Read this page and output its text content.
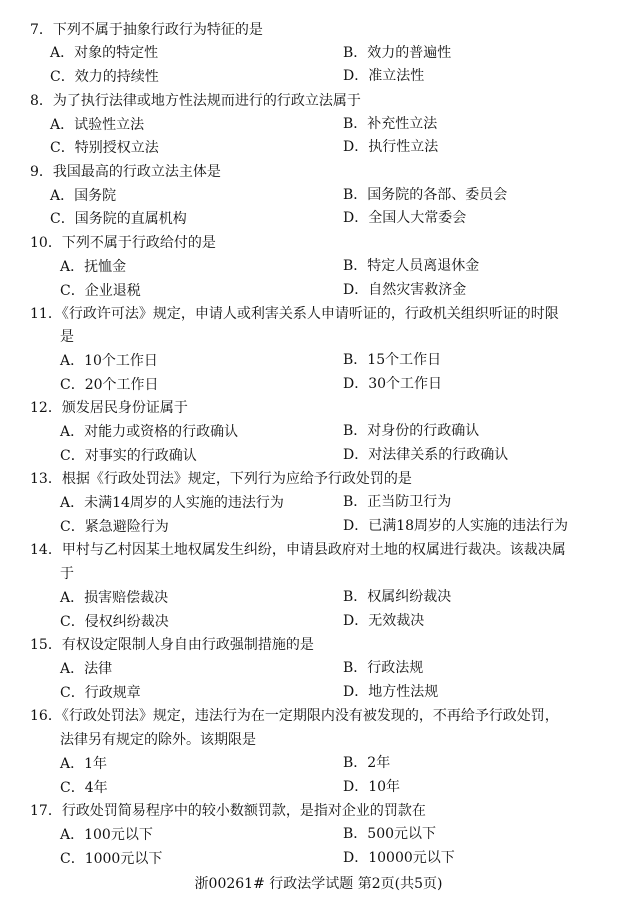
7．下列不属于抽象行政行为特征的是
A．对象的特定性	B．效力的普遍性
C．效力的持续性	D．准立法性
8．为了执行法律或地方性法规而进行的行政立法属于
A．试验性立法	B．补充性立法
C．特别授权立法	D．执行性立法
9．我国最高的行政立法主体是
A．国务院	B．国务院的各部、委员会
C．国务院的直属机构	D．全国人大常委会
10．下列不属于行政给付的是
A．抚恤金	B．特定人员离退休金
C．企业退税	D．自然灾害救济金
11．《行政许可法》规定，申请人或利害关系人申请听证的，行政机关组织听证的时限
是
A．10个工作日	B．15个工作日
C．20个工作日	D．30个工作日
12．颁发居民身份证属于
A．对能力或资格的行政确认	B．对身份的行政确认
C．对事实的行政确认	D．对法律关系的行政确认
13．根据《行政处罚法》规定，下列行为应给予行政处罚的是
A．未满14周岁的人实施的违法行为	B．正当防卫行为
C．紧急避险行为	D．已满18周岁的人实施的违法行为
14．甲村与乙村因某土地权属发生纠纷，申请县政府对土地的权属进行裁决。该裁决属
于
A．损害赔偿裁决	B．权属纠纷裁决
C．侵权纠纷裁决	D．无效裁决
15．有权设定限制人身自由行政强制措施的是
A．法律	B．行政法规
C．行政规章	D．地方性法规
16．《行政处罚法》规定，违法行为在一定期限内没有被发现的，不再给予行政处罚，
法律另有规定的除外。该期限是
A．1年	B．2年
C．4年	D．10年
17．行政处罚简易程序中的较小数额罚款，是指对企业的罚款在
A．100元以下	B．500元以下
C．1000元以下	D．10000元以下
浙00261# 行政法学试题 第2页(共5页)
